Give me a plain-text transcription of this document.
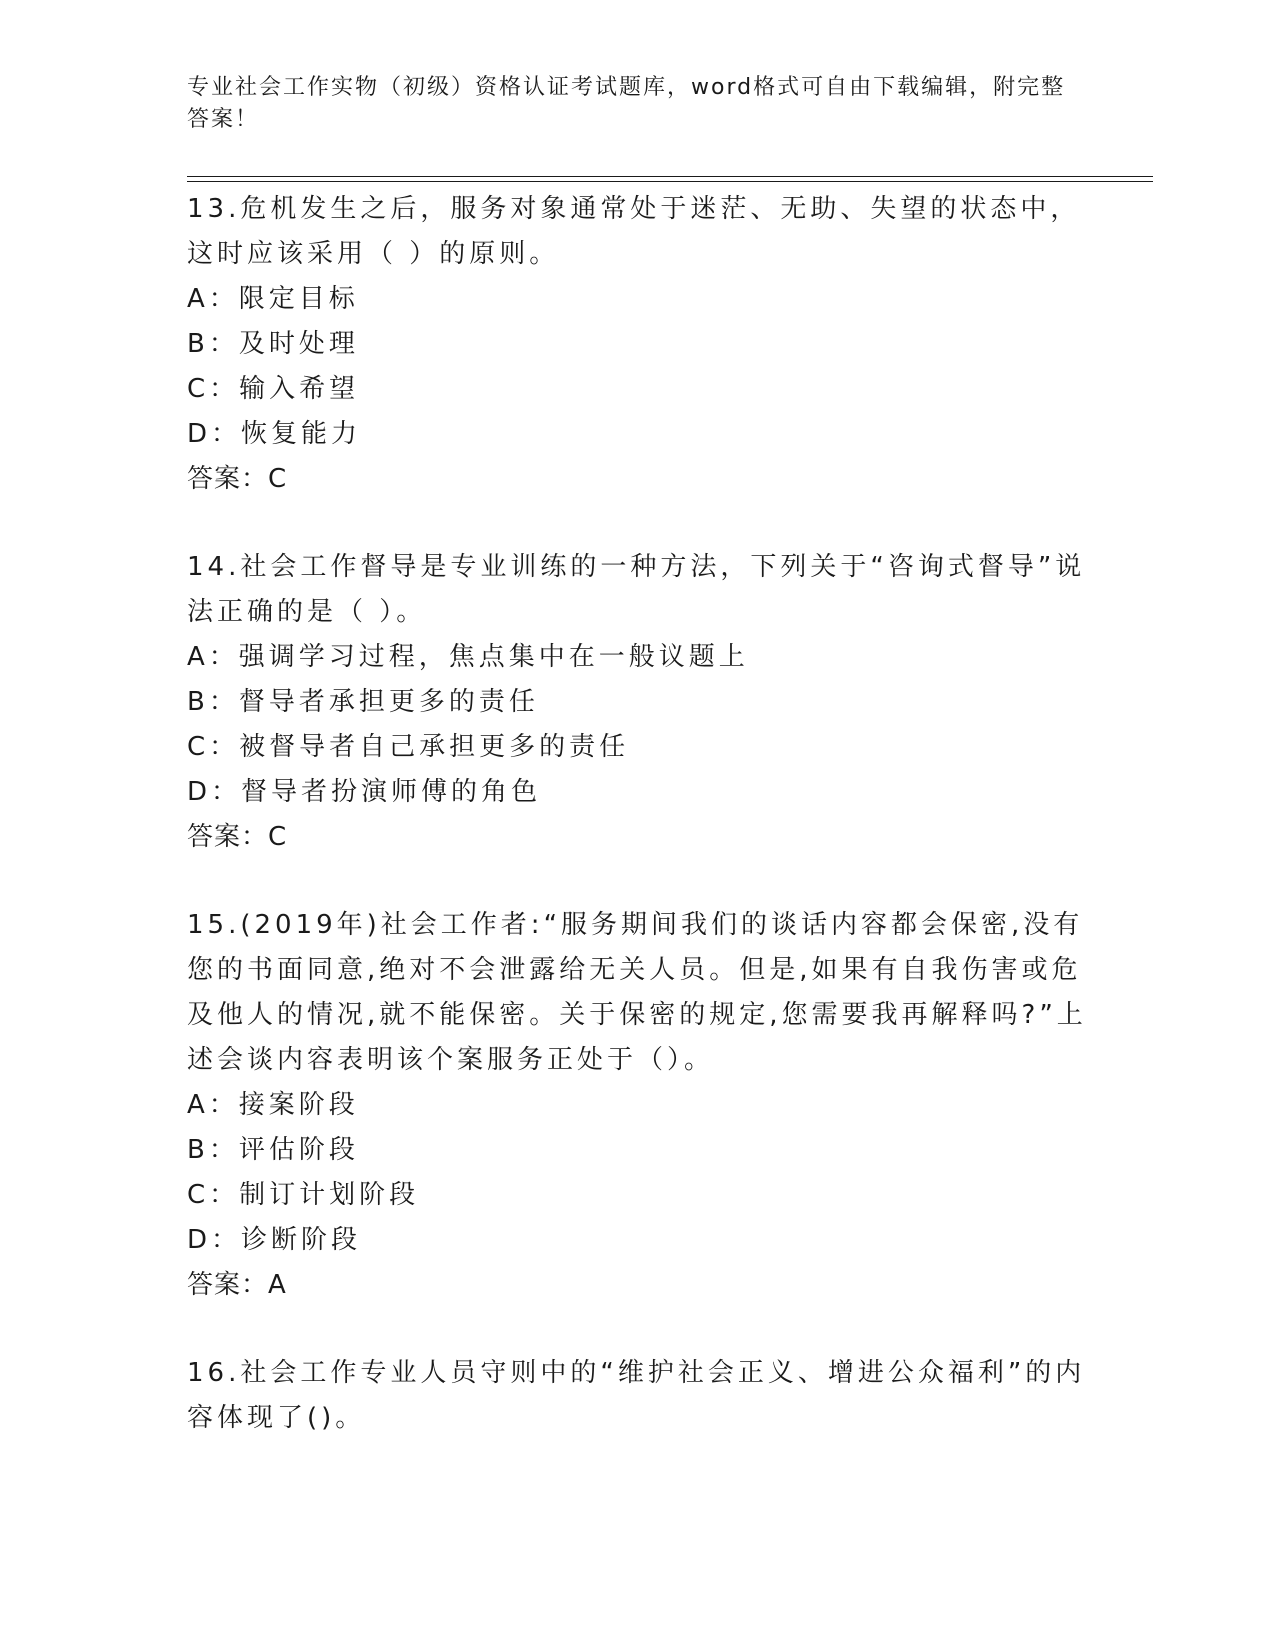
专业社会工作实物（初级）资格认证考试题库，word格式可自由下载编辑，附完整答案！
13.危机发生之后，服务对象通常处于迷茫、无助、失望的状态中，这时应该采用（ ）的原则。
A：限定目标
B：及时处理
C：输入希望
D：恢复能力
答案：C
14.社会工作督导是专业训练的一种方法，下列关于“咨询式督导”说法正确的是（ ）。
A：强调学习过程，焦点集中在一般议题上
B：督导者承担更多的责任
C：被督导者自己承担更多的责任
D：督导者扮演师傅的角色
答案：C
15.(2019年)社会工作者:“服务期间我们的谈话内容都会保密,没有您的书面同意,绝对不会泄露给无关人员。但是,如果有自我伤害或危及他人的情况,就不能保密。关于保密的规定,您需要我再解释吗?”上述会谈内容表明该个案服务正处于（）。
A：接案阶段
B：评估阶段
C：制订计划阶段
D：诊断阶段
答案：A
16.社会工作专业人员守则中的“维护社会正义、增进公众福利”的内容体现了()。
